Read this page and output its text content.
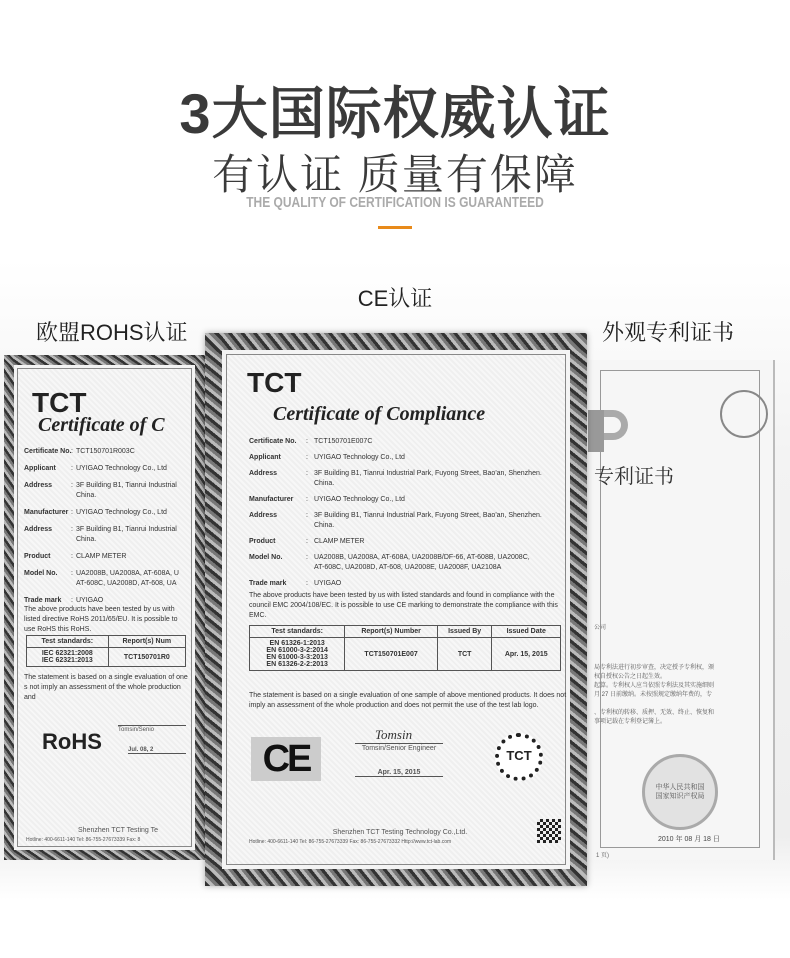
3大国际权威认证
有认证 质量有保障
THE QUALITY OF CERTIFICATION IS GUARANTEED
欧盟ROHS认证
CE认证
外观专利证书
TCT
Certificate of C
Certificate No. : TCT150701R003C
Applicant : UYIGAO Technology Co., Ltd
Address	: 3F Building B1, Tianrui Industrial
China.
Manufacturer : UYIGAO Technology Co., Ltd
Address	: 3F Building B1, Tianrui Industrial
China.
Product	: CLAMP METER
Model No. : UA2008B, UA2008A, AT-608A, U
AT-608C, UA2008D, AT-608, UA
Trade mark : UYIGAO
The above products have been tested by us with listed directive RoHS 2011/65/EU. It is possible to use RoHS this RoHS.
Test standards:	Report(s) Num

IEC 62321:2008
IEC 62321:2013	TCT150701R0
The statement is based on a single evaluation of one s not imply an assessment of the whole production and
RoHS	Tomsin/Senio
Jul. 08, 2
Shenzhen TCT Testing Te
Hotline: 400-6611-140 Tel: 86-755-27673339 Fax: 8
专利证书
公司
局专利法进行初步审查，决定授予专利权，颁
权自授权公告之日起生效。
起算。专利权人应当依照专利法及其实施细则
月 27 日前缴纳。未按照规定缴纳年费的，专
、专利权的转移、质押、无效、终止、恢复和
事项记载在专利登记簿上。
中华人民共和国国家知识产权局
2010 年 08 月 18 日
1 页)
TCT
Certificate of Compliance
Certificate No. : TCT150701E007C
Applicant	: UYIGAO Technology Co., Ltd
Address	: 3F Building B1, Tianrui Industrial Park, Fuyong Street, Bao'an, Shenzhen.
China.
Manufacturer : UYIGAO Technology Co., Ltd
Address	: 3F Building B1, Tianrui Industrial Park, Fuyong Street, Bao'an, Shenzhen.
China.
Product	: CLAMP METER
Model No.	: UA2008B, UA2008A, AT-608A, UA2008B/DF-66, AT-608B, UA2008C,
AT-608C, UA2008D, AT-608, UA2008E, UA2008F, UA2108A
Trade mark	: UYIGAO
The above products have been tested by us with listed standards and found in compliance with the council EMC 2004/108/EC. It is possible to use CE marking to demonstrate the compliance with this EMC.
Test standards:	Report(s) Number	Issued By	Issued Date

EN 61326-1:2013
EN 61000-3-2:2014
EN 61000-3-3:2013
EN 61326-2-2:2013	TCT150701E007	TCT	Apr. 15, 2015
The statement is based on a single evaluation of one sample of above mentioned products. It does not imply an assessment of the whole production and does not permit the use of the test lab logo.
CE
Tomsin
Tomsin/Senior Engineer
Apr. 15, 2015
TCT
Shenzhen TCT Testing Technology Co.,Ltd.
Hotline: 400-6611-140 Tel: 86-755-27673339 Fax: 86-755-27673332 Http://www.tct-lab.com
